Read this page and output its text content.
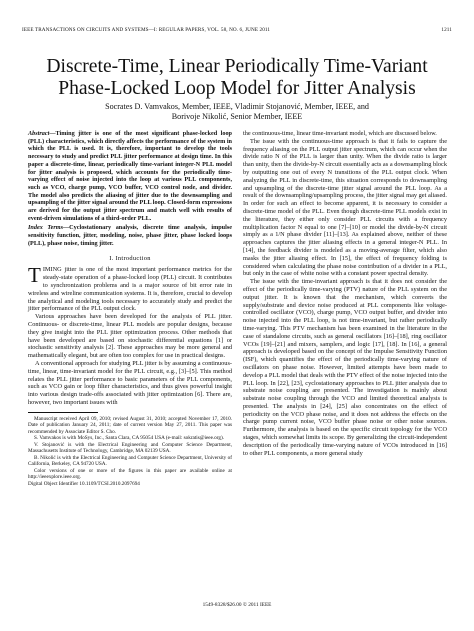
IEEE TRANSACTIONS ON CIRCUITS AND SYSTEMS—I: REGULAR PAPERS, VOL. 58, NO. 6, JUNE 2011	1211
Discrete-Time, Linear Periodically Time-Variant
Phase-Locked Loop Model for Jitter Analysis
Socrates D. Vamvakos, Member, IEEE, Vladimir Stojanović, Member, IEEE, and
Borivoje Nikolić, Senior Member, IEEE
Abstract—Timing jitter is one of the most significant phase-locked loop (PLL) characteristics, which directly affects the performance of the system in which the PLL is used. It is, therefore, important to develop the tools necessary to study and predict PLL jitter performance at design time. In this paper a discrete-time, linear, periodically time-variant integer-N PLL model for jitter analysis is proposed, which accounts for the periodically time-varying effect of noise injected into the loop at various PLL components, such as VCO, charge pump, VCO buffer, VCO control node, and divider. The model also predicts the aliasing of jitter due to the downsampling and upsampling of the jitter signal around the PLL loop. Closed-form expressions are derived for the output jitter spectrum and match well with results of event-driven simulations of a third-order PLL.
Index Terms—Cyclostationary analysis, discrete time analysis, impulse sensitivity function, jitter, modeling, noise, phase jitter, phase locked loops (PLL), phase noise, timing jitter.
I. Introduction

TIMING jitter is one of the most important performance metrics for the steady-state operation of a phase-locked loop (PLL) circuit. It contributes to synchronization problems and is a major source of bit error rate in wireless and wireline communication systems. It is, therefore, crucial to develop the analytical and modeling tools necessary to accurately study and predict the jitter performance of the PLL output clock.

Various approaches have been developed for the analysis of PLL jitter. Continuous- or discrete-time, linear PLL models are popular designs, because they give insight into the PLL jitter optimization process. Other methods that have been developed are based on stochastic differential equations [1] or stochastic sensitivity analysis [2]. These approaches may be more general and mathematically elegant, but are often too complex for use in practical designs.

A conventional approach for studying PLL jitter is by assuming a continuous-time, linear, time-invariant model for the PLL circuit, e.g., [3]–[5]. This method relates the PLL jitter performance to basic parameters of the PLL components, such as VCO gain or loop filter characteristics, and thus gives powerful insight into various design trade-offs associated with jitter optimization [6]. There are, however, two important issues with

Manuscript received April 09, 2010; revised August 31, 2010; accepted November 17, 2010. Date of publication January 24, 2011; date of current version May 27, 2011. This paper was recommended by Associate Editor S. Cho.

S. Vamvakos is with MoSys, Inc., Santa Clara, CA 95054 USA (e-mail: sokratis@ieee.org).

V. Stojanović is with the Electrical Engineering and Computer Science Department, Massachusetts Institute of Technology, Cambridge, MA 02139 USA.

B. Nikolić is with the Electrical Engineering and Computer Science Department, University of California, Berkeley, CA 94720 USA.

Color versions of one or more of the figures in this paper are available online at http://ieeexplore.ieee.org.

Digital Object Identifier 10.1109/TCSI.2010.2097694

the continuous-time, linear time-invariant model, which are discussed below.

The issue with the continuous-time approach is that it fails to capture the frequency aliasing on the PLL output jitter spectrum, which can occur when the divide ratio N of the PLL is larger than unity. When the divide ratio is larger than unity, then the divide-by-N circuit essentially acts as a downsampling block by outputting one out of every N transitions of the PLL output clock. When analyzing the PLL in discrete-time, this situation corresponds to downsampling and upsampling of the discrete-time jitter signal around the PLL loop. As a result of the downsampling/upsampling process, the jitter signal may get aliased. In order for such an effect to become apparent, it is necessary to consider a discrete-time model of the PLL. Even though discrete-time PLL models exist in the literature, they either only consider PLL circuits with a frequency multiplication factor N equal to one [7]–[10] or model the divide-by-N circuit simply as a 1/N phase divider [11]–[13]. As explained above, neither of these approaches captures the jitter aliasing effects in a general integer-N PLL. In [14], the feedback divider is modeled as a moving-average filter, which also masks the jitter aliasing effect. In [15], the effect of frequency folding is considered when calculating the phase noise contribution of a divider in a PLL, but only in the case of white noise with a constant power spectral density.

The issue with the time-invariant approach is that it does not consider the effect of the periodically time-varying (PTV) nature of the PLL system on the output jitter. It is known that the mechanism, which converts the supply/substrate and device noise produced at PLL components like voltage-controlled oscillator (VCO), charge pump, VCO output buffer, and divider into noise injected into the PLL loop, is not time-invariant, but rather periodically time-varying. This PTV mechanism has been examined in the literature in the case of standalone circuits, such as general oscillators [16]–[18], ring oscillator VCOs [19]–[21] and mixers, samplers, and logic [17], [18]. In [16], a general approach is developed based on the concept of the Impulse Sensitivity Function (ISF), which quantifies the effect of the periodically time-varying nature of oscillators on phase noise. However, limited attempts have been made to develop a PLL model that deals with the PTV effect of the noise injected into the PLL loop. In [22], [23], cyclostationary approaches to PLL jitter analysis due to substrate noise coupling are presented. The investigation is mainly about substrate noise coupling through the VCO and limited theoretical analysis is presented. The analysis in [24], [25] also concentrates on the effect of periodicity on the VCO phase noise, and it does not address the effects on the charge pump current noise, VCO buffer phase noise or other noise sources. Furthermore, the analysis is based on the specific circuit topology for the VCO stages, which somewhat limits its scope. By generalizing the circuit-independent description of the periodically time-varying nature of VCOs introduced in [16] to other PLL components, a more general study

1549-8328/$26.00 © 2011 IEEE
